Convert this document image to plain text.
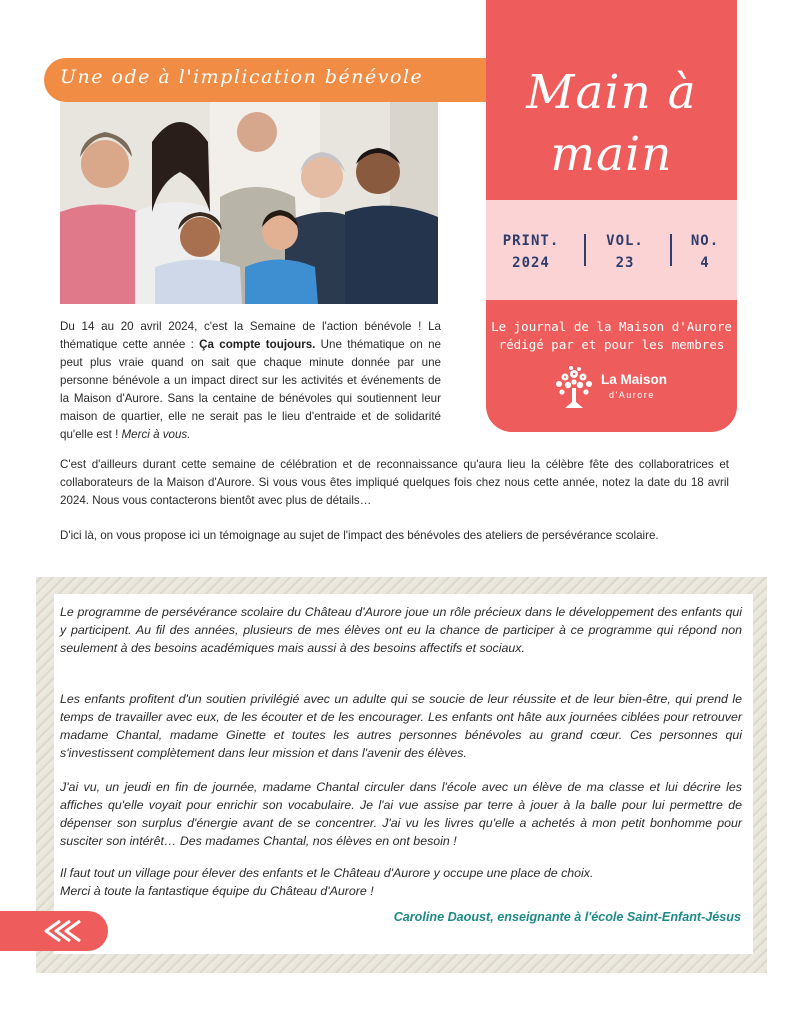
Main à
main
PRINT.
2024
VOL.
23
NO.
4
Le journal de la Maison d'Aurore
rédigé par et pour les membres
La Maison
d'Aurore
Une ode à l'implication bénévole

Du 14 au 20 avril 2024, c'est la Semaine de l'action bénévole ! La thématique cette année : Ça compte toujours. Une thématique on ne peut plus vraie quand on sait que chaque minute donnée par une personne bénévole a un impact direct sur les activités et événements de la Maison d'Aurore. Sans la centaine de bénévoles qui soutiennent leur maison de quartier, elle ne serait pas le lieu d'entraide et de solidarité qu'elle est ! Merci à vous.

C'est d'ailleurs durant cette semaine de célébration et de reconnaissance qu'aura lieu la célèbre fête des collaboratrices et collaborateurs de la Maison d'Aurore. Si vous vous êtes impliqué quelques fois chez nous cette année, notez la date du 18 avril 2024. Nous vous contacterons bientôt avec plus de détails…

D'ici là, on vous propose ici un témoignage au sujet de l'impact des bénévoles des ateliers de persévérance scolaire.

Le programme de persévérance scolaire du Château d'Aurore joue un rôle précieux dans le développement des enfants qui y participent. Au fil des années, plusieurs de mes élèves ont eu la chance de participer à ce programme qui répond non seulement à des besoins académiques mais aussi à des besoins affectifs et sociaux.

Les enfants profitent d'un soutien privilégié avec un adulte qui se soucie de leur réussite et de leur bien-être, qui prend le temps de travailler avec eux, de les écouter et de les encourager. Les enfants ont hâte aux journées ciblées pour retrouver madame Chantal, madame Ginette et toutes les autres personnes bénévoles au grand cœur. Ces personnes qui s'investissent complètement dans leur mission et dans l'avenir des élèves.

J'ai vu, un jeudi en fin de journée, madame Chantal circuler dans l'école avec un élève de ma classe et lui décrire les affiches qu'elle voyait pour enrichir son vocabulaire. Je l'ai vue assise par terre à jouer à la balle pour lui permettre de dépenser son surplus d'énergie avant de se concentrer. J'ai vu les livres qu'elle a achetés à mon petit bonhomme pour susciter son intérêt… Des madames Chantal, nos élèves en ont besoin !

Il faut tout un village pour élever des enfants et le Château d'Aurore y occupe une place de choix.
Merci à toute la fantastique équipe du Château d'Aurore !
Caroline Daoust, enseignante à l'école Saint-Enfant-Jésus
